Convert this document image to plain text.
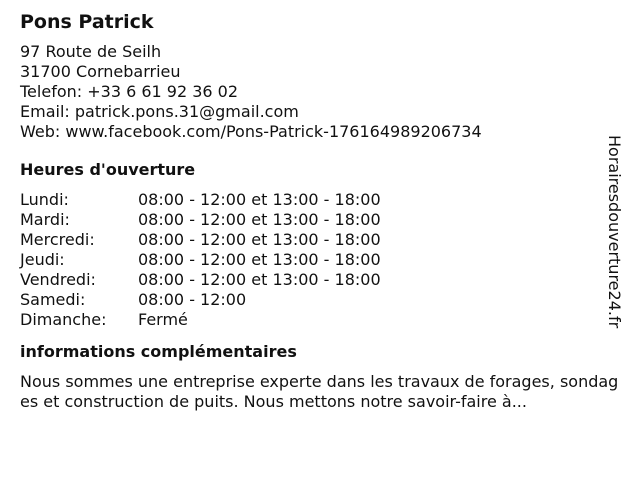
Pons Patrick
97 Route de Seilh
31700 Cornebarrieu
Telefon: +33 6 61 92 36 02
Email: patrick.pons.31@gmail.com
Web: www.facebook.com/Pons-Patrick-176164989206734
Heures d'ouverture
Lundi:	08:00 - 12:00 et 13:00 - 18:00
Mardi:	08:00 - 12:00 et 13:00 - 18:00
Mercredi:	08:00 - 12:00 et 13:00 - 18:00
Jeudi:	08:00 - 12:00 et 13:00 - 18:00
Vendredi:	08:00 - 12:00 et 13:00 - 18:00
Samedi:	08:00 - 12:00
Dimanche:	Fermé
informations complémentaires
Nous sommes une entreprise experte dans les travaux de forages, sondages et construction de puits. Nous mettons notre savoir-faire à...
Horairesdouverture24.fr
